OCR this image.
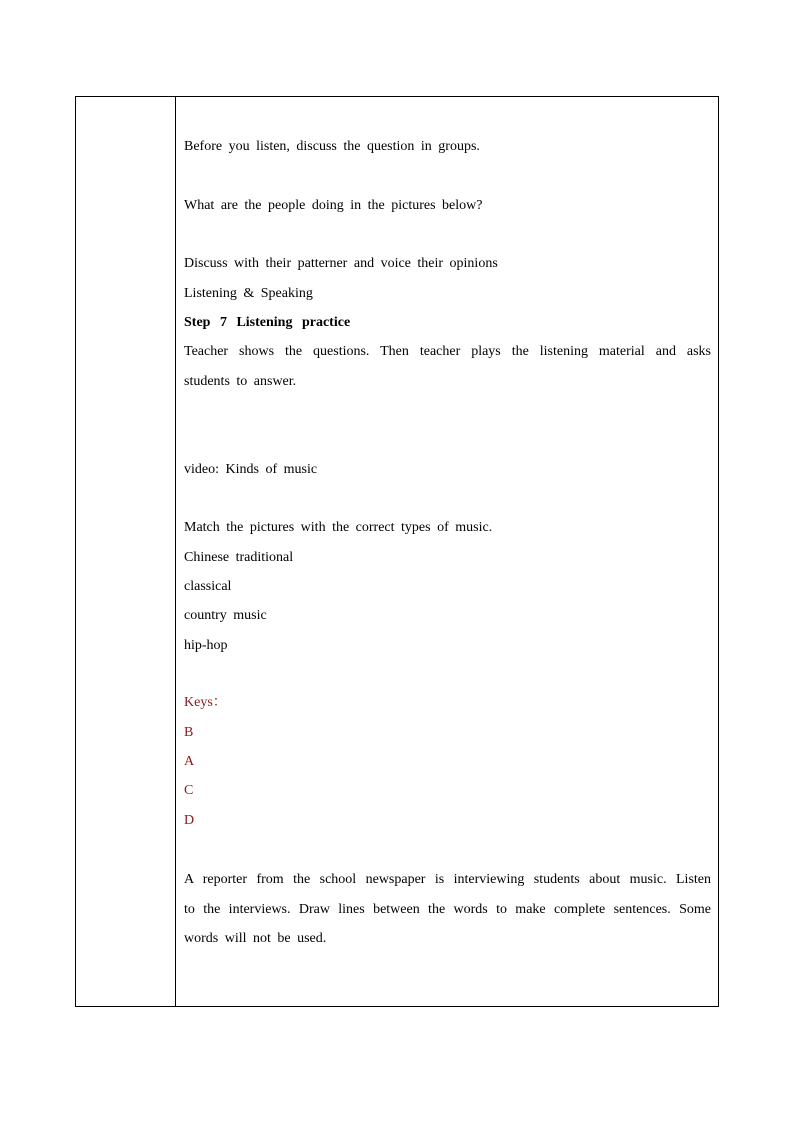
Before you listen, discuss the question in groups.
What are the people doing in the pictures below?
Discuss with their patterner and voice their opinions
Listening & Speaking
Step 7 Listening practice
Teacher shows the questions. Then teacher plays the listening material and asks
students to answer.
video: Kinds of music
Match the pictures with the correct types of music.
Chinese traditional
classical
country music
hip-hop
Keys：
B
A
C
D
A reporter from the school newspaper is interviewing students about music. Listen
to the interviews. Draw lines between the words to make complete sentences. Some
words will not be used.
